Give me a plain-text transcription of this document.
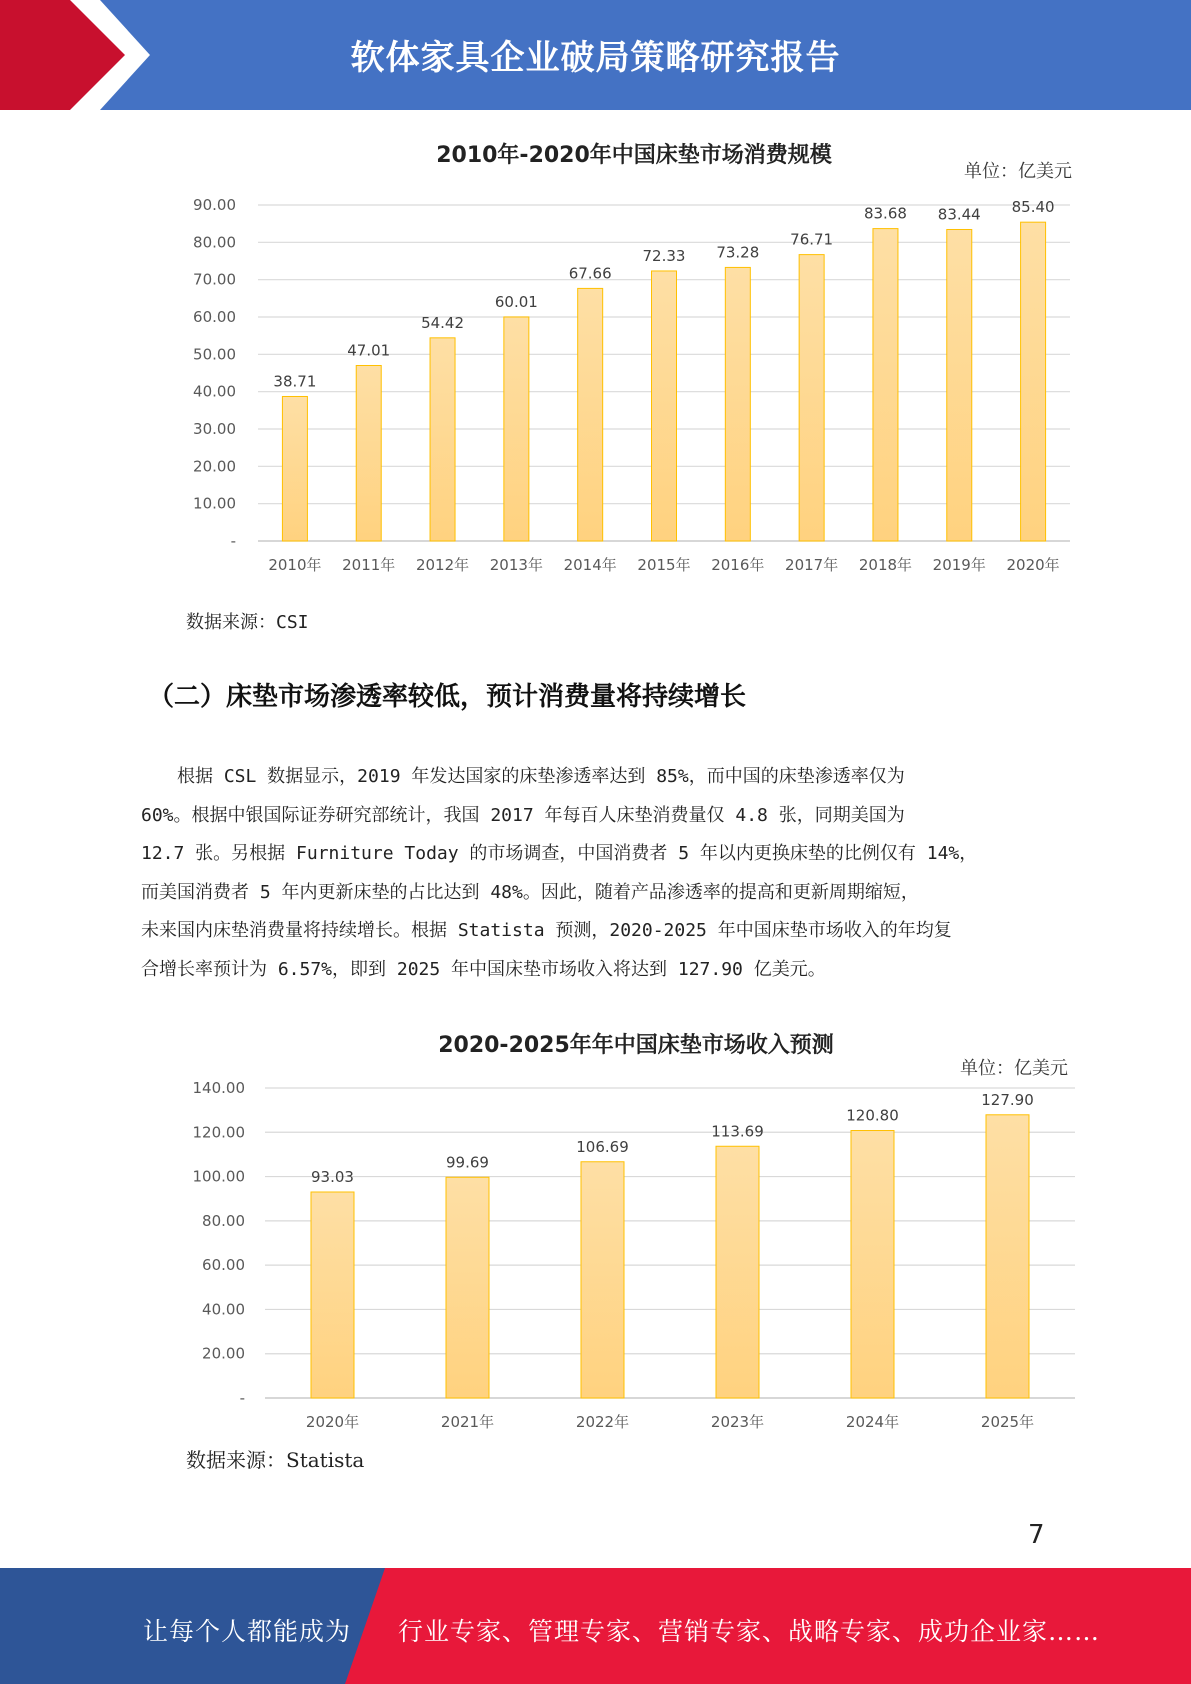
软体家具企业破局策略研究报告
2010年-2020年中国床垫市场消费规模
单位：亿美元
-
10.00
20.00
30.00
40.00
50.00
60.00
70.00
80.00
90.00
38.71
2010年
47.01
2011年
54.42
2012年
60.01
2013年
67.66
2014年
72.33
2015年
73.28
2016年
76.71
2017年
83.68
2018年
83.44
2019年
85.40
2020年
数据来源：CSI
（二）床垫市场渗透率较低，预计消费量将持续增长
　　根据 CSL 数据显示，2019 年发达国家的床垫渗透率达到 85%，而中国的床垫渗透率仅为
60%。根据中银国际证券研究部统计，我国 2017 年每百人床垫消费量仅 4.8 张，同期美国为
12.7 张。另根据 Furniture Today 的市场调查，中国消费者 5 年以内更换床垫的比例仅有 14%，
而美国消费者 5 年内更新床垫的占比达到 48%。因此，随着产品渗透率的提高和更新周期缩短，
未来国内床垫消费量将持续增长。根据 Statista 预测，2020-2025 年中国床垫市场收入的年均复
合增长率预计为 6.57%，即到 2025 年中国床垫市场收入将达到 127.90 亿美元。
2020-2025年年中国床垫市场收入预测
单位：亿美元
-
20.00
40.00
60.00
80.00
100.00
120.00
140.00
93.03
2020年
99.69
2021年
106.69
2022年
113.69
2023年
120.80
2024年
127.90
2025年
数据来源：Statista
7
让每个人都能成为 行业专家、管理专家、营销专家、战略专家、成功企业家……
